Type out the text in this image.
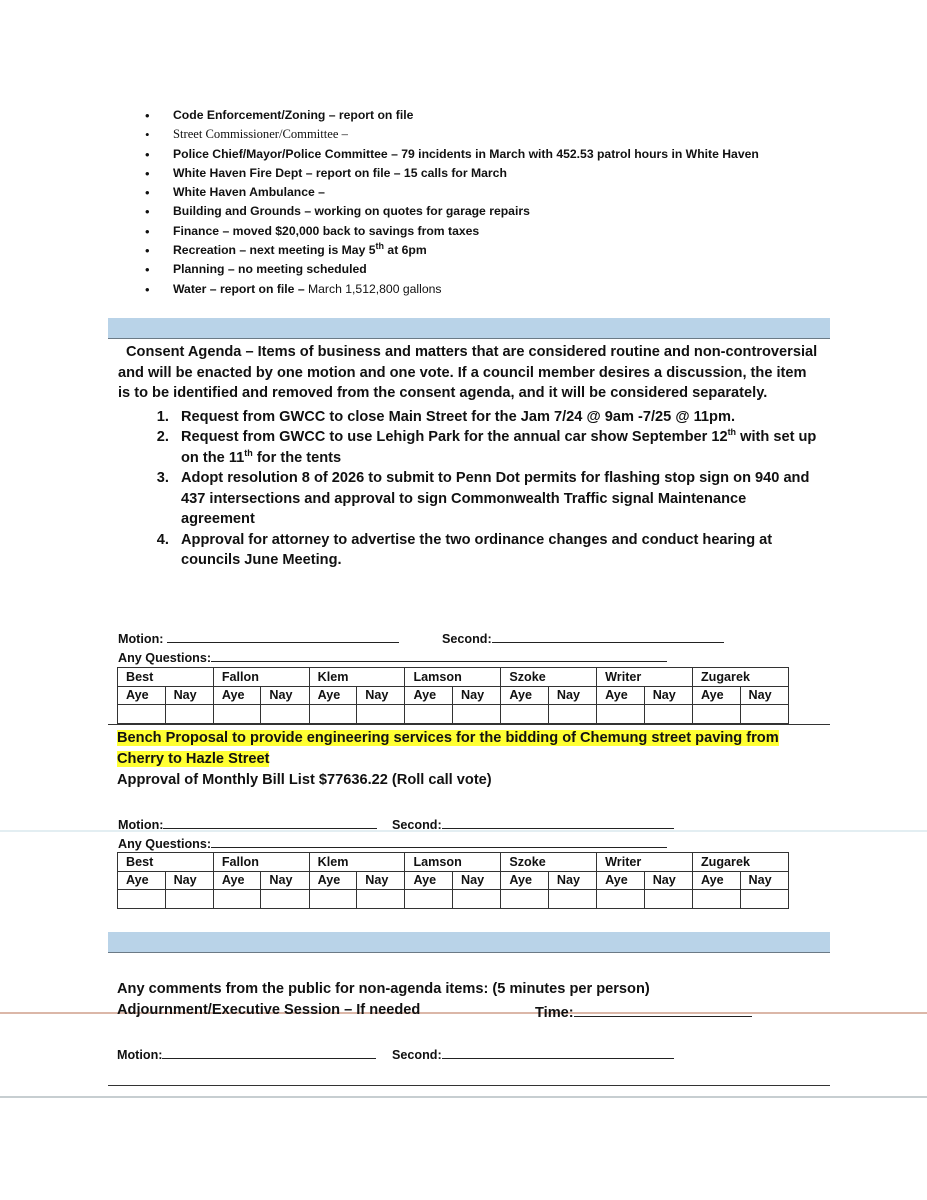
• Code Enforcement/Zoning – report on file
• Street Commissioner/Committee –
• Police Chief/Mayor/Police Committee – 79 incidents in March with 452.53 patrol hours in White Haven
• White Haven Fire Dept – report on file – 15 calls for March
• White Haven Ambulance –
• Building and Grounds – working on quotes for garage repairs
• Finance – moved $20,000 back to savings from taxes
• Recreation – next meeting is May 5th at 6pm
• Planning – no meeting scheduled
• Water – report on file – March 1,512,800 gallons

Consent Agenda – Items of business and matters that are considered routine and non-controversial and will be enacted by one motion and one vote. If a council member desires a discussion, the item is to be identified and removed from the consent agenda, and it will be considered separately.

1. Request from GWCC to close Main Street for the Jam 7/24 @ 9am -7/25 @ 11pm.
2. Request from GWCC to use Lehigh Park for the annual car show September 12th with set up on the 11th for the tents
3. Adopt resolution 8 of 2026 to submit to Penn Dot permits for flashing stop sign on 940 and 437 intersections and approval to sign Commonwealth Traffic signal Maintenance agreement
4. Approval for attorney to advertise the two ordinance changes and conduct hearing at councils June Meeting.
Motion:	Second:
Any Questions:
Best		Fallon		Klem		Lamson		Szoke		Writer		Zugarek	
Aye	Nay	Aye	Nay	Aye	Nay	Aye	Nay	Aye	Nay	Aye	Nay	Aye	Nay

Bench Proposal to provide engineering services for the bidding of Chemung street paving from Cherry to Hazle Street
Approval of Monthly Bill List $77636.22 (Roll call vote)
Motion:	Second:
Any Questions:
Best		Fallon		Klem		Lamson		Szoke		Writer		Zugarek	
Aye	Nay	Aye	Nay	Aye	Nay	Aye	Nay	Aye	Nay	Aye	Nay	Aye	Nay

Any comments from the public for non-agenda items: (5 minutes per person)
Adjournment/Executive Session – If needed	Time:
Motion:	Second:
